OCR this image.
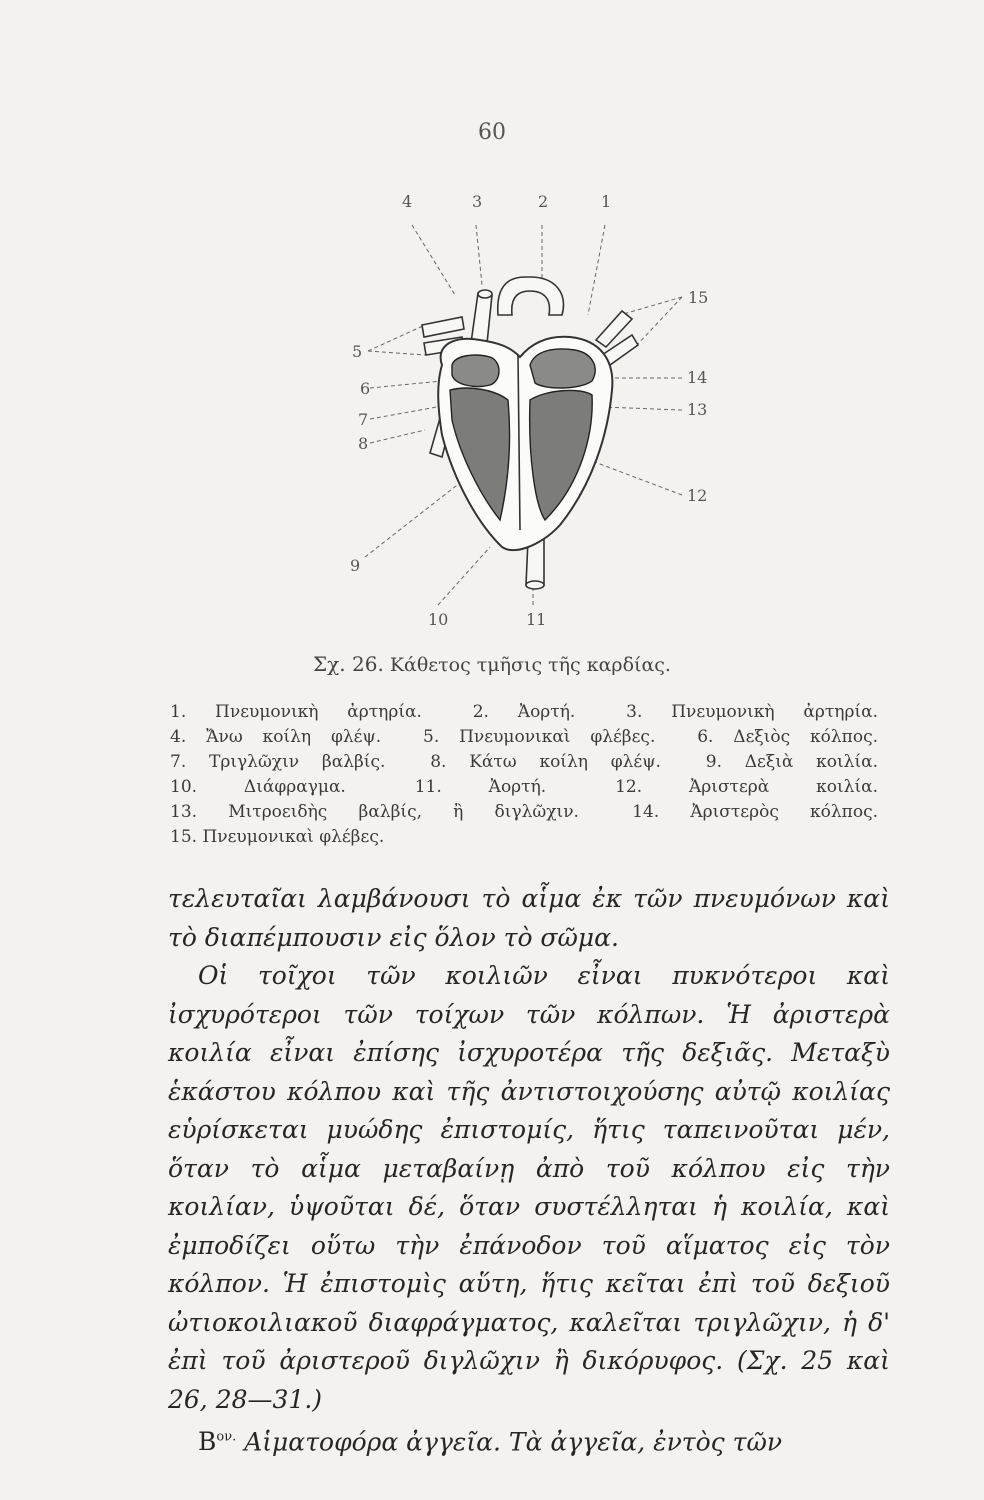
60
4	3	2	1
15
5
14
6
13
7
8
12
9
10	11
Σχ. 26. Κάθετος τμῆσις τῆς καρδίας.
1. Πνευμονικὴ ἀρτηρία.	2. Ἀορτή.	3. Πνευμονικὴ ἀρτηρία. 4. Ἄνω κοίλη φλέψ. 5. Πνευμονικαὶ φλέβες. 6. Δεξιὸς κόλπος. 7. Τριγλῶχιν βαλβίς.	8. Κάτω κοίλη φλέψ.	9. Δεξιὰ κοιλία. 10. Διάφραγμα.	11. Ἀορτή.	12. Ἀριστερὰ κοιλία. 13. Μιτροειδὴς βαλβίς, ἢ διγλῶχιν.	14. Ἀριστερὸς κόλπος. 15. Πνευμονικαὶ φλέβες.

τελευταῖαι λαμβάνουσι τὸ αἷμα ἐκ τῶν πνευμόνων καὶ τὸ διαπέμπουσιν εἰς ὅλον τὸ σῶμα.

Οἱ τοῖχοι τῶν κοιλιῶν εἶναι πυκνότεροι καὶ ἰσχυρότεροι τῶν τοίχων τῶν κόλπων. Ἡ ἀριστερὰ κοιλία εἶναι ἐπίσης ἰσχυροτέρα τῆς δεξιᾶς. Μεταξὺ ἑκάστου κόλπου καὶ τῆς ἀντιστοιχούσης αὐτῷ κοιλίας εὑρίσκεται μυώδης ἐπιστομίς, ἥτις ταπεινοῦται μέν, ὅταν τὸ αἷμα μεταβαίνῃ ἀπὸ τοῦ κόλπου εἰς τὴν κοιλίαν, ὑψοῦται δέ, ὅταν συστέλληται ἡ κοιλία, καὶ ἐμποδίζει οὕτω τὴν ἐπάνοδον τοῦ αἵματος εἰς τὸν κόλπον. Ἡ ἐπιστομὶς αὕτη, ἥτις κεῖται ἐπὶ τοῦ δεξιοῦ ὠτιοκοιλιακοῦ διαφράγματος, καλεῖται τριγλῶχιν, ἡ δ' ἐπὶ τοῦ ἀριστεροῦ διγλῶχιν ἢ δικόρυφος. (Σχ. 25 καὶ 26, 28—31.)

$B^{o\nu.}$ Αἱματοφόρα ἀγγεῖα. Τὰ ἀγγεῖα, ἐντὸς τῶν
